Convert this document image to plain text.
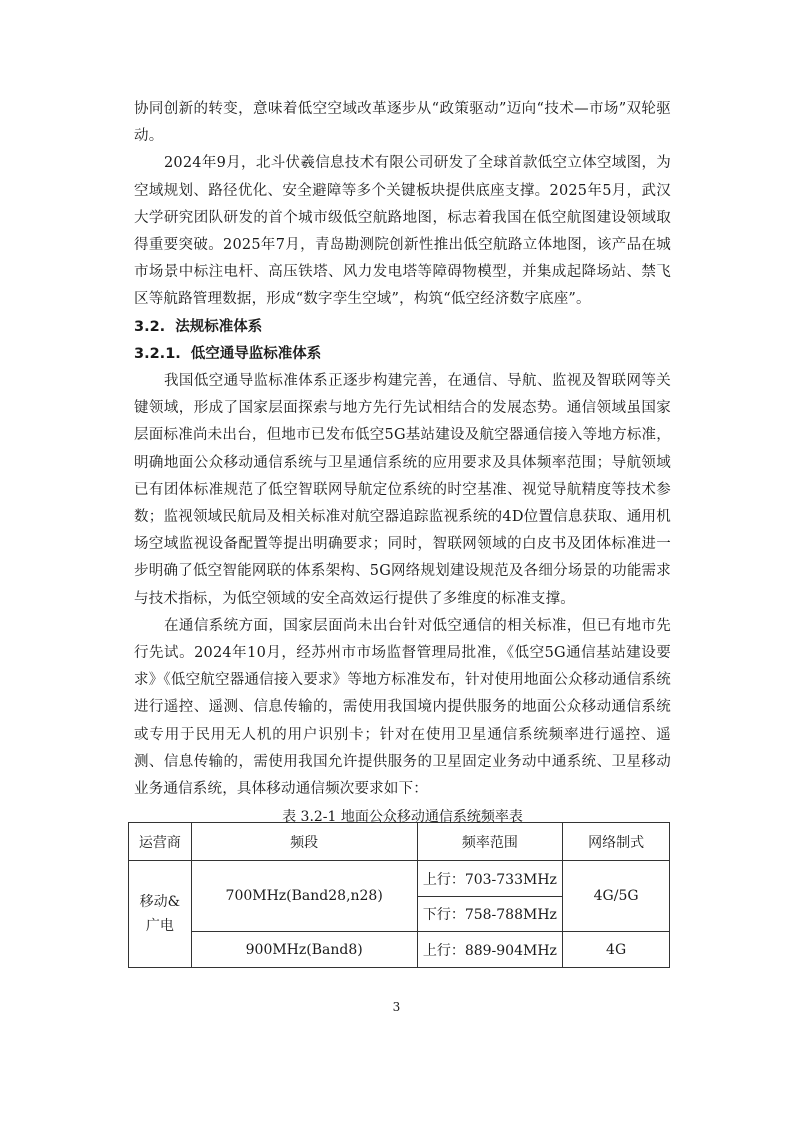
协同创新的转变，意味着低空空域改革逐步从“政策驱动”迈向“技术—市场”双轮驱动。

2024年9月，北斗伏羲信息技术有限公司研发了全球首款低空立体空域图，为空域规划、路径优化、安全避障等多个关键板块提供底座支撑。2025年5月，武汉大学研究团队研发的首个城市级低空航路地图，标志着我国在低空航图建设领域取得重要突破。2025年7月，青岛勘测院创新性推出低空航路立体地图，该产品在城市场景中标注电杆、高压铁塔、风力发电塔等障碍物模型，并集成起降场站、禁飞区等航路管理数据，形成“数字孪生空域”，构筑“低空经济数字底座”。

3.2. 法规标准体系
3.2.1. 低空通导监标准体系

我国低空通导监标准体系正逐步构建完善，在通信、导航、监视及智联网等关键领域，形成了国家层面探索与地方先行先试相结合的发展态势。通信领域虽国家层面标准尚未出台，但地市已发布低空5G基站建设及航空器通信接入等地方标准，明确地面公众移动通信系统与卫星通信系统的应用要求及具体频率范围；导航领域已有团体标准规范了低空智联网导航定位系统的时空基准、视觉导航精度等技术参数；监视领域民航局及相关标准对航空器追踪监视系统的4D位置信息获取、通用机场空域监视设备配置等提出明确要求；同时，智联网领域的白皮书及团体标准进一步明确了低空智能网联的体系架构、5G网络规划建设规范及各细分场景的功能需求与技术指标，为低空领域的安全高效运行提供了多维度的标准支撑。

在通信系统方面，国家层面尚未出台针对低空通信的相关标准，但已有地市先行先试。2024年10月，经苏州市市场监督管理局批准，《低空5G通信基站建设要求》《低空航空器通信接入要求》等地方标准发布，针对使用地面公众移动通信系统进行遥控、遥测、信息传输的，需使用我国境内提供服务的地面公众移动通信系统或专用于民用无人机的用户识别卡；针对在使用卫星通信系统频率进行遥控、遥测、信息传输的，需使用我国允许提供服务的卫星固定业务动中通系统、卫星移动业务通信系统，具体移动通信频次要求如下：

表 3.2-1 地面公众移动通信系统频率表
运营商	频段	频率范围	网络制式
移动&广电	700MHz(Band28,n28)	上行：703-733MHz	4G/5G
		下行：758-788MHz	
	900MHz(Band8)	上行：889-904MHz	4G
3
